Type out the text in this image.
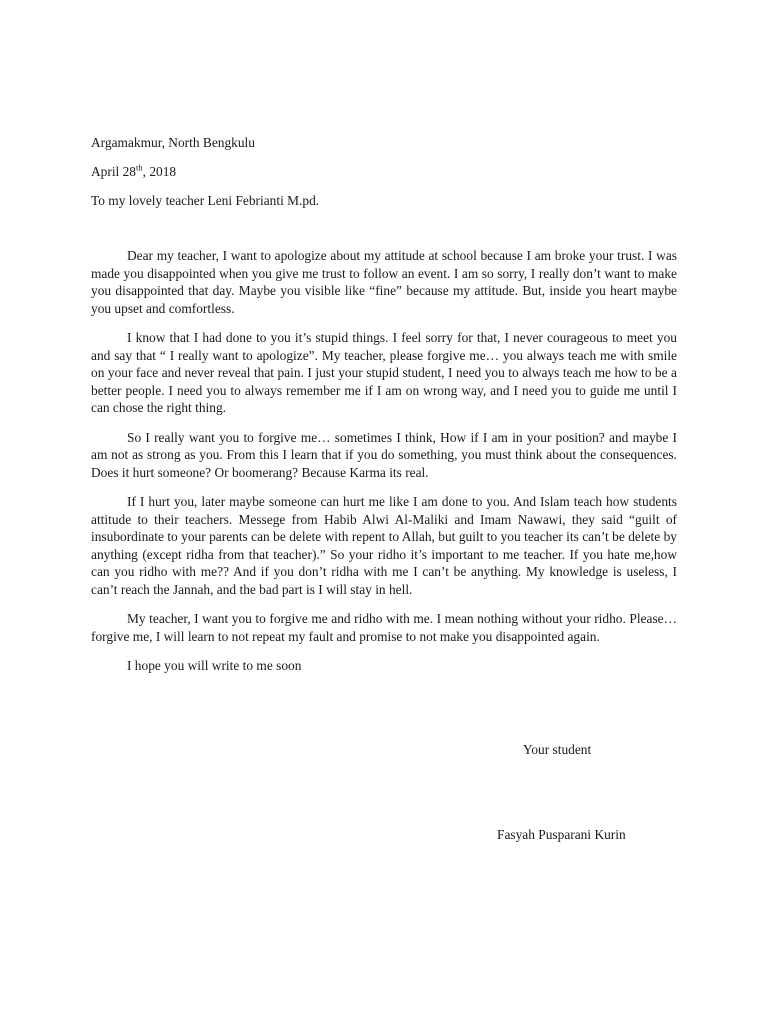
Argamakmur, North Bengkulu
April 28th, 2018
To my lovely teacher Leni Febrianti M.pd.

Dear my teacher, I want to apologize about my attitude at school because I am broke your trust. I was made you disappointed when you give me trust to follow an event. I am so sorry, I really don’t want to make you disappointed that day. Maybe you visible like “fine” because my attitude. But, inside you heart maybe you upset and comfortless.

I know that I had done to you it’s stupid things. I feel sorry for that, I never courageous to meet you and say that “ I really want to apologize”. My teacher, please forgive me… you always teach me with smile on your face and never reveal that pain. I just your stupid student, I need you to always teach me how to be a better people. I need you to always remember me if I am on wrong way, and I need you to guide me until I can chose the right thing.

So I really want you to forgive me… sometimes I think, How if I am in your position? and maybe I am not as strong as you. From this I learn that if you do something, you must think about the consequences. Does it hurt someone? Or boomerang? Because Karma its real.

If I hurt you, later maybe someone can hurt me like I am done to you. And Islam teach how students attitude to their teachers. Messege from Habib Alwi Al-Maliki and Imam Nawawi, they said “guilt of insubordinate to your parents can be delete with repent to Allah, but guilt to you teacher its can’t be delete by anything (except ridha from that teacher).” So your ridho it’s important to me teacher. If you hate me,how can you ridho with me?? And if you don’t ridha with me I can’t be anything. My knowledge is useless, I can’t reach the Jannah, and the bad part is I will stay in hell.

My teacher, I want you to forgive me and ridho with me. I mean nothing without your ridho. Please… forgive me, I will learn to not repeat my fault and promise to not make you disappointed again.

I hope you will write to me soon

Your student
Fasyah Pusparani Kurin
